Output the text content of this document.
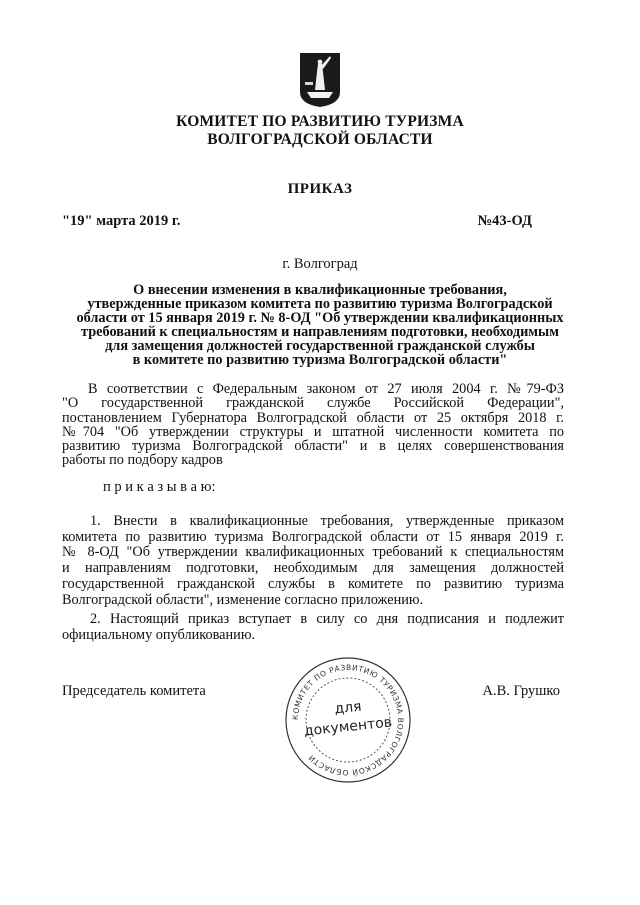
КОМИТЕТ ПО РАЗВИТИЮ ТУРИЗМА
ВОЛГОГРАДСКОЙ ОБЛАСТИ
ПРИКАЗ
"19" марта 2019 г.	№43-ОД
г. Волгоград
О внесении изменения в квалификационные требования,
утвержденные приказом комитета по развитию туризма Волгоградской
области от 15 января 2019 г. № 8-ОД "Об утверждении квалификационных
требований к специальностям и направлениям подготовки, необходимым
для замещения должностей государственной гражданской службы
в комитете по развитию туризма Волгоградской области"
В соответствии с Федеральным законом от 27 июля 2004 г. №79-ФЗ
"О государственной гражданской службе Российской Федерации",
постановлением Губернатора Волгоградской области от 25 октября 2018 г.
№704 "Об утверждении структуры и штатной численности комитета по
развитию туризма Волгоградской области" и в целях совершенствования
работы по подбору кадров
п р и к а з ы в а ю:
1. Внести в квалификационные требования, утвержденные приказом
комитета по развитию туризма Волгоградской области от 15 января 2019 г.
№ 8-ОД "Об утверждении квалификационных требований к специальностям
и направлениям подготовки, необходимым для замещения должностей
государственной гражданской службы в комитете по развитию туризма
Волгоградской области", изменение согласно приложению.
2. Настоящий приказ вступает в силу со дня подписания и подлежит
официальному опубликованию.
Председатель комитета	А.В. Грушко
КОМИТЕТ ПО РАЗВИТИЮ ТУРИЗМА ВОЛГОГРАДСКОЙ ОБЛАСТИ
для
документов
